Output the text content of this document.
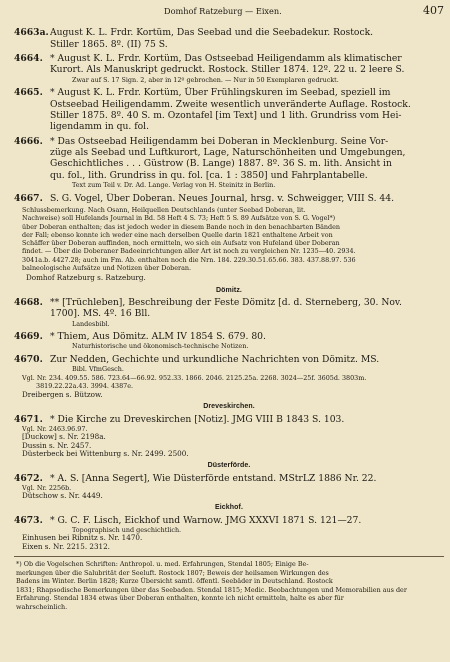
Domhof Ratzeburg — Eixen.	407
4663a. August K. L. Frdr. Kortüm, Das Seebad und die Seebadekur. Rostock.
Stiller 1865. 8º. (II) 75 S.
4664. * August K. L. Frdr. Kortüm, Das Ostseebad Heiligendamm als klimatischer
Kurort. Als Manuskript gedruckt. Rostock. Stiller 1874. 12º. 22 u. 2 leere S.
Zwar auf S. 17 Sign. 2, aber in 12º gebrochen. — Nur in 50 Exemplaren gedruckt.
4665. * August K. L. Frdr. Kortüm, Über Frühlingskuren im Seebad, speziell im
Ostseebad Heiligendamm. Zweite wesentlich unveränderte Auflage. Rostock.
Stiller 1875. 8º. 40 S. m. Ozontafel [im Text] und 1 lith. Grundriss vom Hei-
ligendamm in qu. fol.
4666. * Das Ostseebad Heiligendamm bei Doberan in Mecklenburg. Seine Vor-
züge als Seebad und Luftkurort, Lage, Naturschönheiten und Umgebungen,
Geschichtliches . . . Güstrow (B. Lange) 1887. 8º. 36 S. m. lith. Ansicht in
qu. fol., lith. Grundriss in qu. fol. [ca. 1 : 3850] und Fahrplantabelle.
Text zum Teil v. Dr. Ad. Lange. Verlag von H. Steinitz in Berlin.
4667. S. G. Vogel, Über Doberan. Neues Journal, hrsg. v. Schweigger, VIII S. 44.
Schlussbemerkung. Nach Osann, Heilquellen Deutschlands (unter Seebad Doberan, lit.
Nachweise) soll Hufelands Journal in Bd. 58 Heft 4 S. 73; Heft 5 S. 89 Aufsätze von S. G. Vogel*)
über Doberan enthalten; das ist jedoch weder in diesem Bande noch in den benachbarten Bänden
der Fall; ebenso konnte ich weder eine nach derselben Quelle darin 1821 enthaltene Arbeit von
Schäffer über Doberan auffinden, noch ermitteln, wo sich ein Aufsatz von Hufeland über Doberan
findet. — Über die Doberaner Badeeinrichtungen aller Art ist noch zu vergleichen Nr. 1235—40. 2934.
3041a.b. 4427.28; auch im Fm. Ab. enthalten noch die Nrn. 184. 229.30.51.65.66. 383. 437.88.97. 536
balneologische Aufsätze und Notizen über Doberan.
Domhof Ratzeburg s. Ratzeburg.
Dömitz.
4668. ** [Trüchleben], Beschreibung der Feste Dömitz [d. d. Sterneberg, 30. Nov.
1700]. MS. 4º. 16 Bll.
Landesbibl.
4669. * Thiem, Aus Dömitz. ALM IV 1854 S. 679. 80.
Naturhistorische und ökonomisch-technische Notizen.
4670. Zur Nedden, Gechichte und urkundliche Nachrichten von Dömitz. MS.
Bibl. VfmGesch.
Vgl. Nr. 234. 409.55. 586. 723.64—66.92. 952.33. 1866. 2046. 2125.25a. 2268. 3024—25f. 3605d. 3803m.
3819.22.22a.43. 3994. 4387e.
Dreibergen s. Bützow.
Dreveskirchen.
4671. * Die Kirche zu Dreveskirchen [Notiz]. JMG VIII B 1843 S. 103.
Vgl. Nr. 2463.96.97.
[Duckow] s. Nr. 2198a.
Dussin s. Nr. 2457.
Düsterbeck bei Wittenburg s. Nr. 2499. 2500.
Düsterförde.
4672. * A. S. [Anna Segert], Wie Düsterförde entstand. MStrLZ 1886 Nr. 22.
Vgl. Nr. 2256b.
Dütschow s. Nr. 4449.
Eickhof.
4673. * G. C. F. Lisch, Eickhof und Warnow. JMG XXXVI 1871 S. 121—27.
Topographisch und geschichtlich.
Einhusen bei Ribnitz s. Nr. 1470.
Eixen s. Nr. 2215. 2312.
*) Ob die Vogelschen Schriften: Anthropol. u. med. Erfahrungen, Stendal 1805; Einige Be-
merkungen über die Salubrität der Seeluft. Rostock 1807; Beweis der heilsamen Wirkungen des
Badens im Winter. Berlin 1828; Kurze Übersicht samtl. öffentl. Seebäder in Deutschland. Rostock
1831; Rhapsodische Bemerkungen über das Seebaden. Stendal 1815; Medic. Beobachtungen und Memorabilien aus der
Erfahrung. Stendal 1834 etwas über Doberan enthalten, konnte ich nicht ermitteln, halte es aber für
wahrscheinlich.
